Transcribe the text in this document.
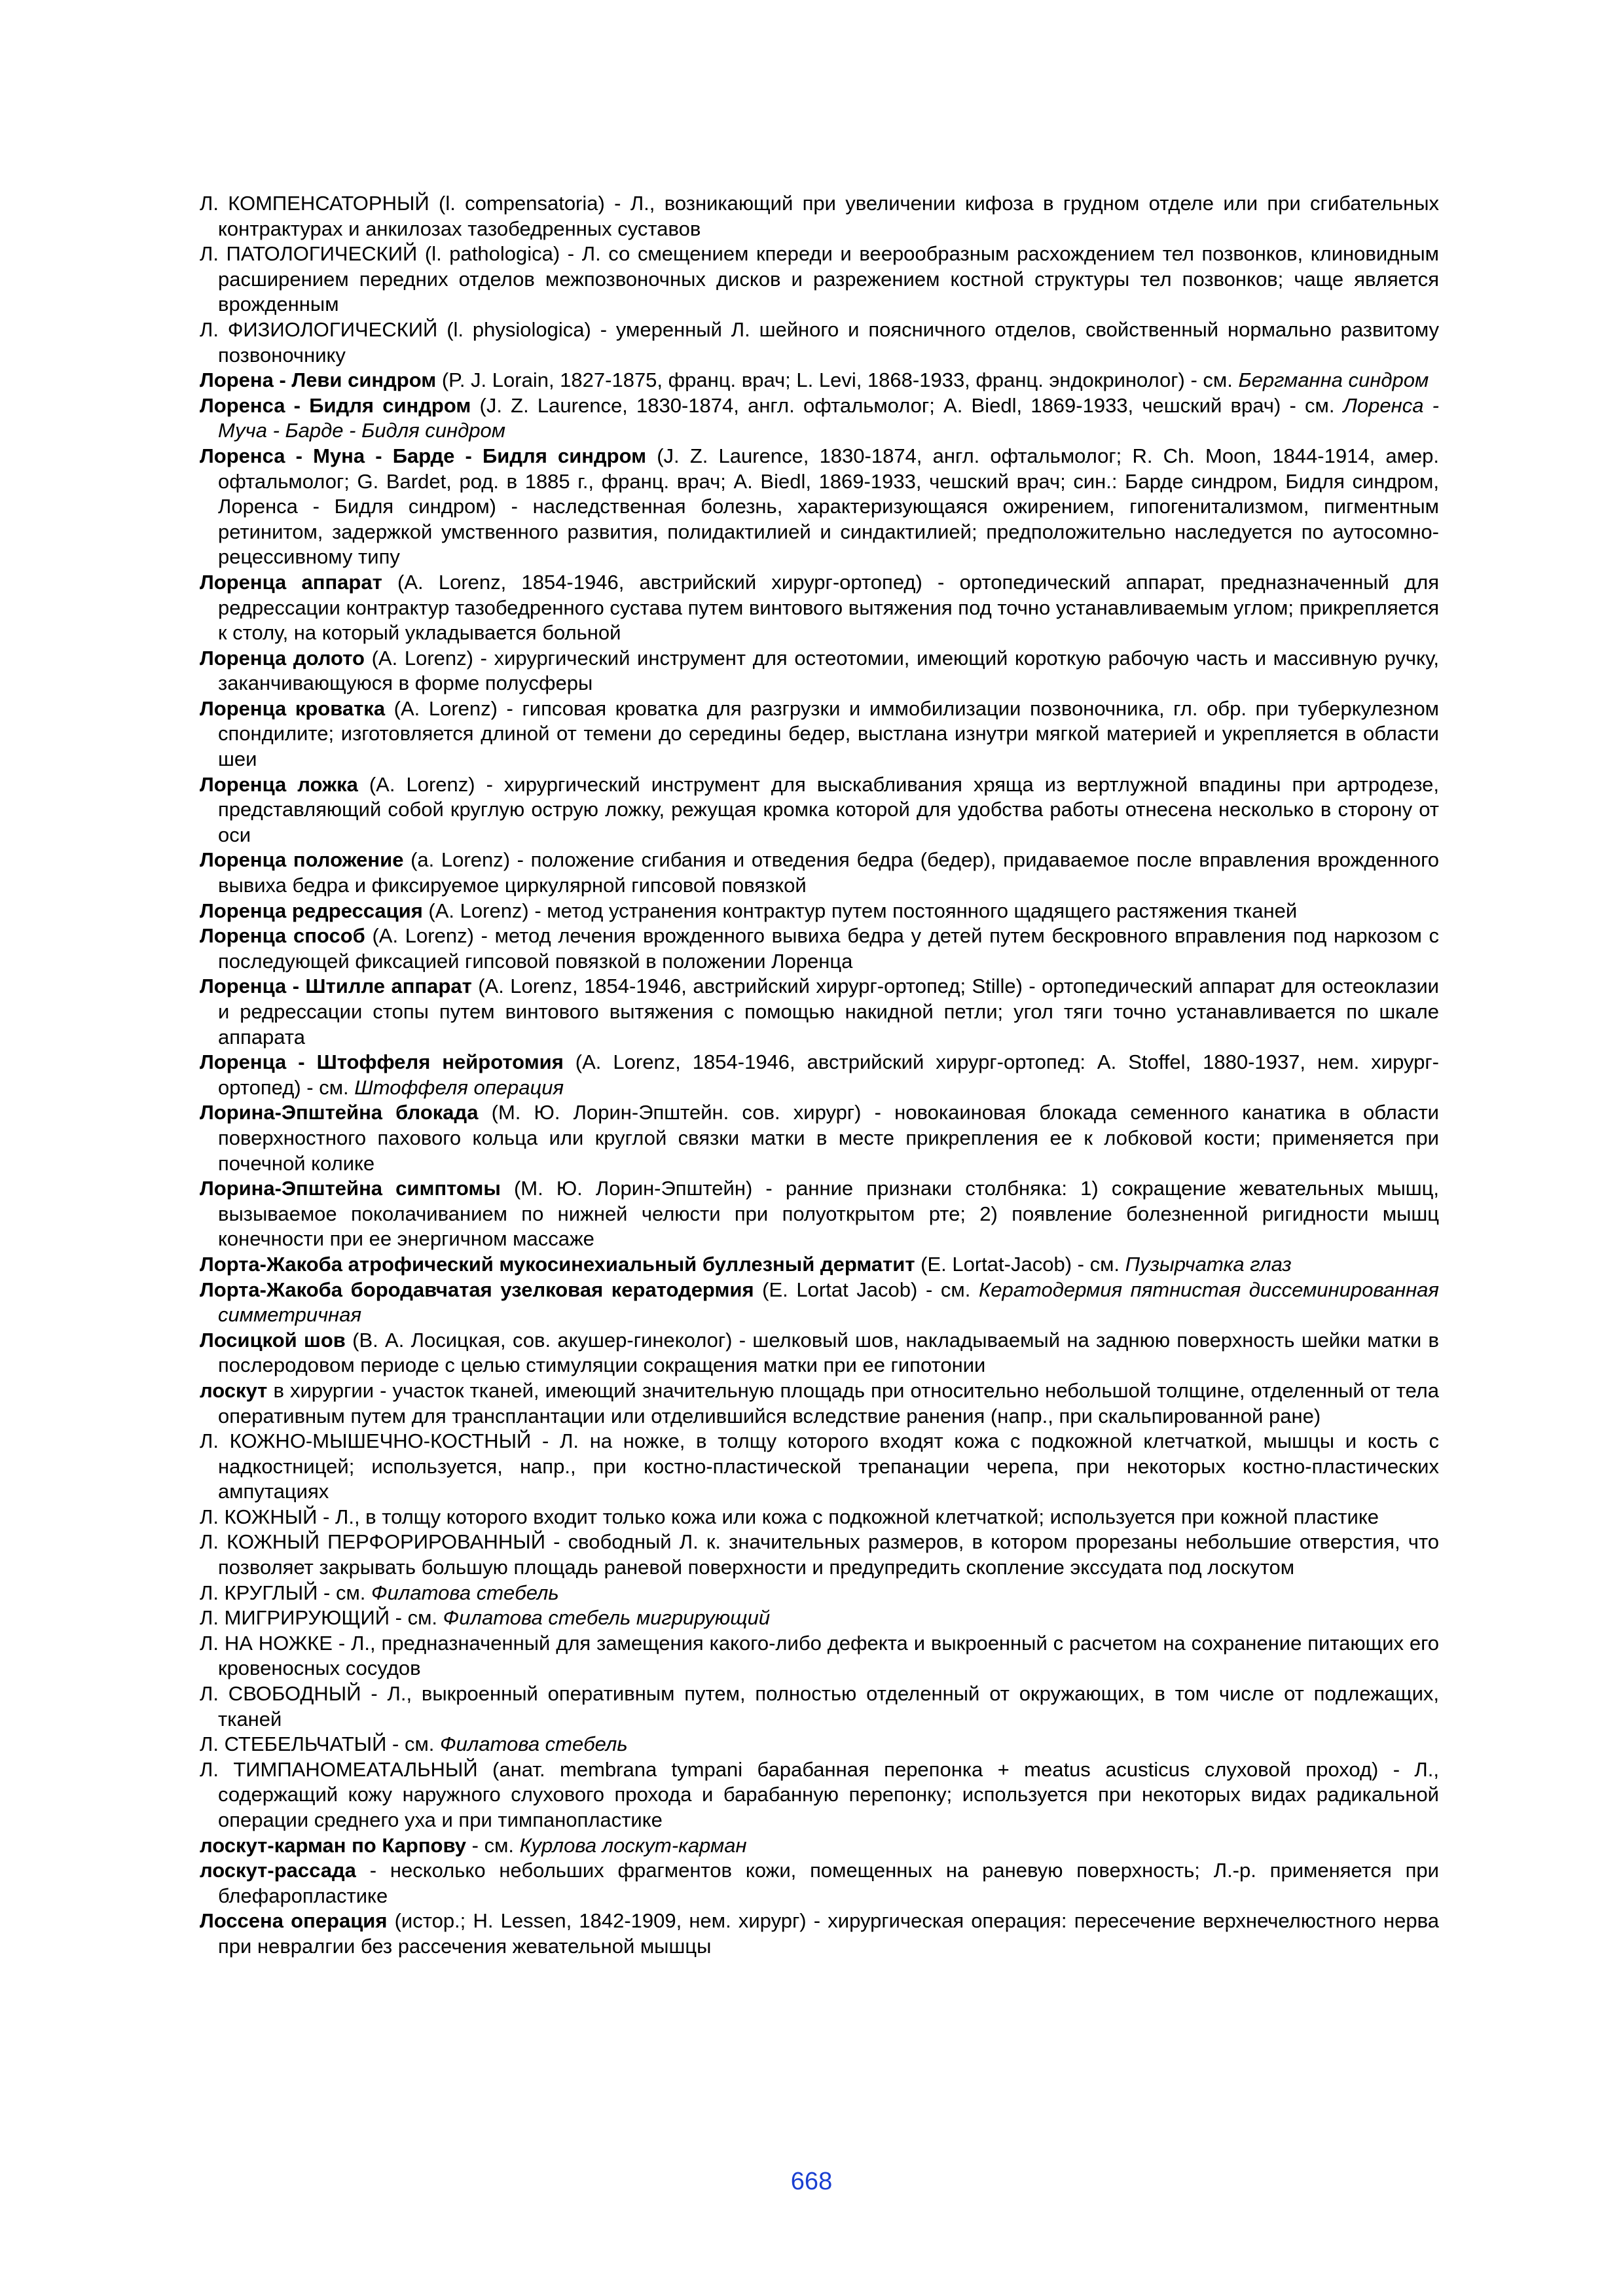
Л. КОМПЕНСАТОРНЫЙ (l. compensatoria) - Л., возникающий при увеличении кифоза в грудном отделе или при сгибательных контрактурах и анкилозах тазобедренных суставов
Л. ПАТОЛОГИЧЕСКИЙ (l. pathologica) - Л. со смещением кпереди и веерообразным расхождением тел позвонков, клиновидным расширением передних отделов межпозвоночных дисков и разрежением костной структуры тел позвонков; чаще является врожденным
Л. ФИЗИОЛОГИЧЕСКИЙ (l. physiologica) - умеренный Л. шейного и поясничного отделов, свойственный нормально развитому позвоночнику
Лорена - Леви синдром (P. J. Lorain, 1827-1875, франц. врач; L. Levi, 1868-1933, франц. эндокринолог) - см. Бергманна синдром
Лоренса - Бидля синдром (J. Z. Laurence, 1830-1874, англ. офтальмолог; A. Biedl, 1869-1933, чешский врач) - см. Лоренса - Муча - Барде - Бидля синдром
Лоренса - Муна - Барде - Бидля синдром (J. Z. Laurence, 1830-1874, англ. офтальмолог; R. Ch. Moon, 1844-1914, амер. офтальмолог; G. Bardet, род. в 1885 г., франц. врач; A. Biedl, 1869-1933, чешский врач; син.: Барде синдром, Бидля синдром, Лоренса - Бидля синдром) - наследственная болезнь, характеризующаяся ожирением, гипогенитализмом, пигментным ретинитом, задержкой умственного развития, полидактилией и синдактилией; предположительно наследуется по аутосомно-рецессивному типу
Лоренца аппарат (A. Lorenz, 1854-1946, австрийский хирург-ортопед) - ортопедический аппарат, предназначенный для редрессации контрактур тазобедренного сустава путем винтового вытяжения под точно устанавливаемым углом; прикрепляется к столу, на который укладывается больной
Лоренца долото (A. Lorenz) - хирургический инструмент для остеотомии, имеющий короткую рабочую часть и массивную ручку, заканчивающуюся в форме полусферы
Лоренца кроватка (A. Lorenz) - гипсовая кроватка для разгрузки и иммобилизации позвоночника, гл. обр. при туберкулезном спондилите; изготовляется длиной от темени до середины бедер, выстлана изнутри мягкой материей и укрепляется в области шеи
Лоренца ложка (A. Lorenz) - хирургический инструмент для выскабливания хряща из вертлужной впадины при артродезе, представляющий собой круглую острую ложку, режущая кромка которой для удобства работы отнесена несколько в сторону от оси
Лоренца положение (a. Lorenz) - положение сгибания и отведения бедра (бедер), придаваемое после вправления врожденного вывиха бедра и фиксируемое циркулярной гипсовой повязкой
Лоренца редрессация (A. Lorenz) - метод устранения контрактур путем постоянного щадящего растяжения тканей
Лоренца способ (A. Lorenz) - метод лечения врожденного вывиха бедра у детей путем бескровного вправления под наркозом с последующей фиксацией гипсовой повязкой в положении Лоренца
Лоренца - Штилле аппарат (A. Lorenz, 1854-1946, австрийский хирург-ортопед; Stille) - ортопедический аппарат для остеоклазии и редрессации стопы путем винтового вытяжения с помощью накидной петли; угол тяги точно устанавливается по шкале аппарата
Лоренца - Штоффеля нейротомия (A. Lorenz, 1854-1946, австрийский хирург-ортопед: A. Stoffel, 1880-1937, нем. хирург-ортопед) - см. Штоффеля операция
Лорина-Эпштейна блокада (М. Ю. Лорин-Эпштейн. сов. хирург) - новокаиновая блокада семенного канатика в области поверхностного пахового кольца или круглой связки матки в месте прикрепления ее к лобковой кости; применяется при почечной колике
Лорина-Эпштейна симптомы (М. Ю. Лорин-Эпштейн) - ранние признаки столбняка: 1) сокращение жевательных мышц, вызываемое поколачиванием по нижней челюсти при полуоткрытом рте; 2) появление болезненной ригидности мышц конечности при ее энергичном массаже
Лорта-Жакоба атрофический мукосинехиальный буллезный дерматит (E. Lortat-Jacob) - см. Пузырчатка глаз
Лорта-Жакоба бородавчатая узелковая кератодермия (E. Lortat Jacob) - см. Кератодермия пятнистая диссеминированная симметричная
Лосицкой шов (В. А. Лосицкая, сов. акушер-гинеколог) - шелковый шов, накладываемый на заднюю поверхность шейки матки в послеродовом периоде с целью стимуляции сокращения матки при ее гипотонии
лоскут в хирургии - участок тканей, имеющий значительную площадь при относительно небольшой толщине, отделенный от тела оперативным путем для трансплантации или отделившийся вследствие ранения (напр., при скальпированной ране)
Л. КОЖНО-МЫШЕЧНО-КОСТНЫЙ - Л. на ножке, в толщу которого входят кожа с подкожной клетчаткой, мышцы и кость с надкостницей; используется, напр., при костно-пластической трепанации черепа, при некоторых костно-пластических ампутациях
Л. КОЖНЫЙ - Л., в толщу которого входит только кожа или кожа с подкожной клетчаткой; используется при кожной пластике
Л. КОЖНЫЙ ПЕРФОРИРОВАННЫЙ - свободный Л. к. значительных размеров, в котором прорезаны небольшие отверстия, что позволяет закрывать большую площадь раневой поверхности и предупредить скопление экссудата под лоскутом
Л. КРУГЛЫЙ - см. Филатова стебель
Л. МИГРИРУЮЩИЙ - см. Филатова стебель мигрирующий
Л. НА НОЖКЕ - Л., предназначенный для замещения какого-либо дефекта и выкроенный с расчетом на сохранение питающих его кровеносных сосудов
Л. СВОБОДНЫЙ - Л., выкроенный оперативным путем, полностью отделенный от окружающих, в том числе от подлежащих, тканей
Л. СТЕБЕЛЬЧАТЫЙ - см. Филатова стебель
Л. ТИМПАНОМЕАТАЛЬНЫЙ (анат. membrana tympani барабанная перепонка + meatus acusticus слуховой проход) - Л., содержащий кожу наружного слухового прохода и барабанную перепонку; используется при некоторых видах радикальной операции среднего уха и при тимпанопластике
лоскут-карман по Карпову - см. Курлова лоскут-карман
лоскут-рассада - несколько небольших фрагментов кожи, помещенных на раневую поверхность; Л.-р. применяется при блефаропластике
Лоссена операция (истор.; H. Lessen, 1842-1909, нем. хирург) - хирургическая операция: пересечение верхнечелюстного нерва при невралгии без рассечения жевательной мышцы
668
